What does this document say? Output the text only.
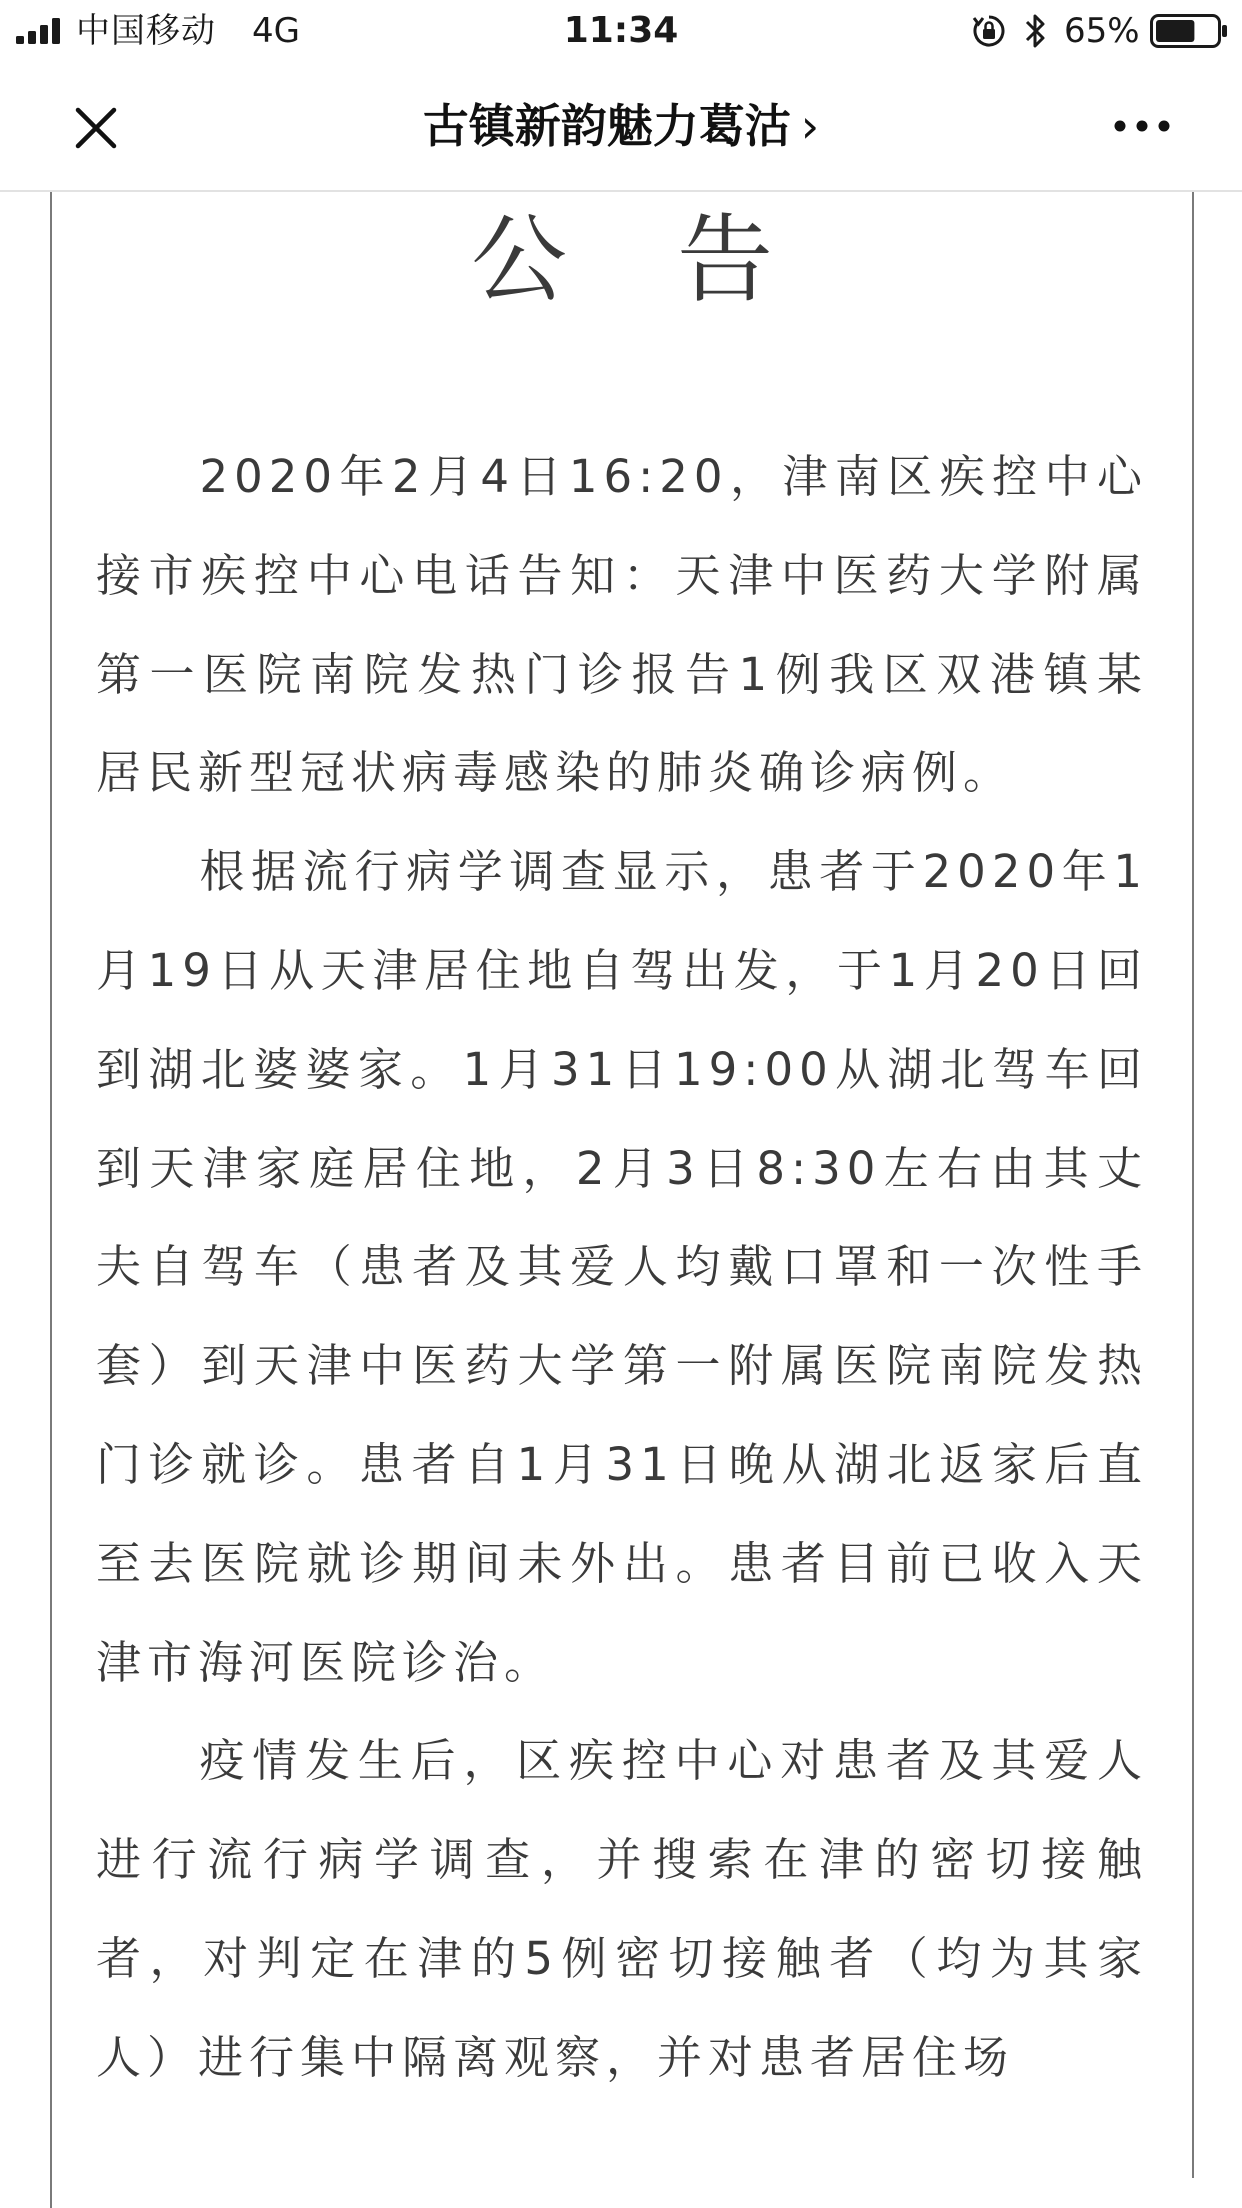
中国移动 4G	11:34	65%
古镇新韵魅力葛沽 ›
公告

2020年2月4日16:20，津南区疾控中心接市疾控中心电话告知：天津中医药大学附属第一医院南院发热门诊报告1例我区双港镇某居民新型冠状病毒感染的肺炎确诊病例。

根据流行病学调查显示，患者于2020年1月19日从天津居住地自驾出发，于1月20日回到湖北婆婆家。1月31日19:00从湖北驾车回到天津家庭居住地，2月3日8:30左右由其丈夫自驾车（患者及其爱人均戴口罩和一次性手套）到天津中医药大学第一附属医院南院发热门诊就诊。患者自1月31日晚从湖北返家后直至去医院就诊期间未外出。患者目前已收入天津市海河医院诊治。

疫情发生后，区疾控中心对患者及其爱人进行流行病学调查，并搜索在津的密切接触者，对判定在津的5例密切接触者（均为其家人）进行集中隔离观察，并对患者居住场
